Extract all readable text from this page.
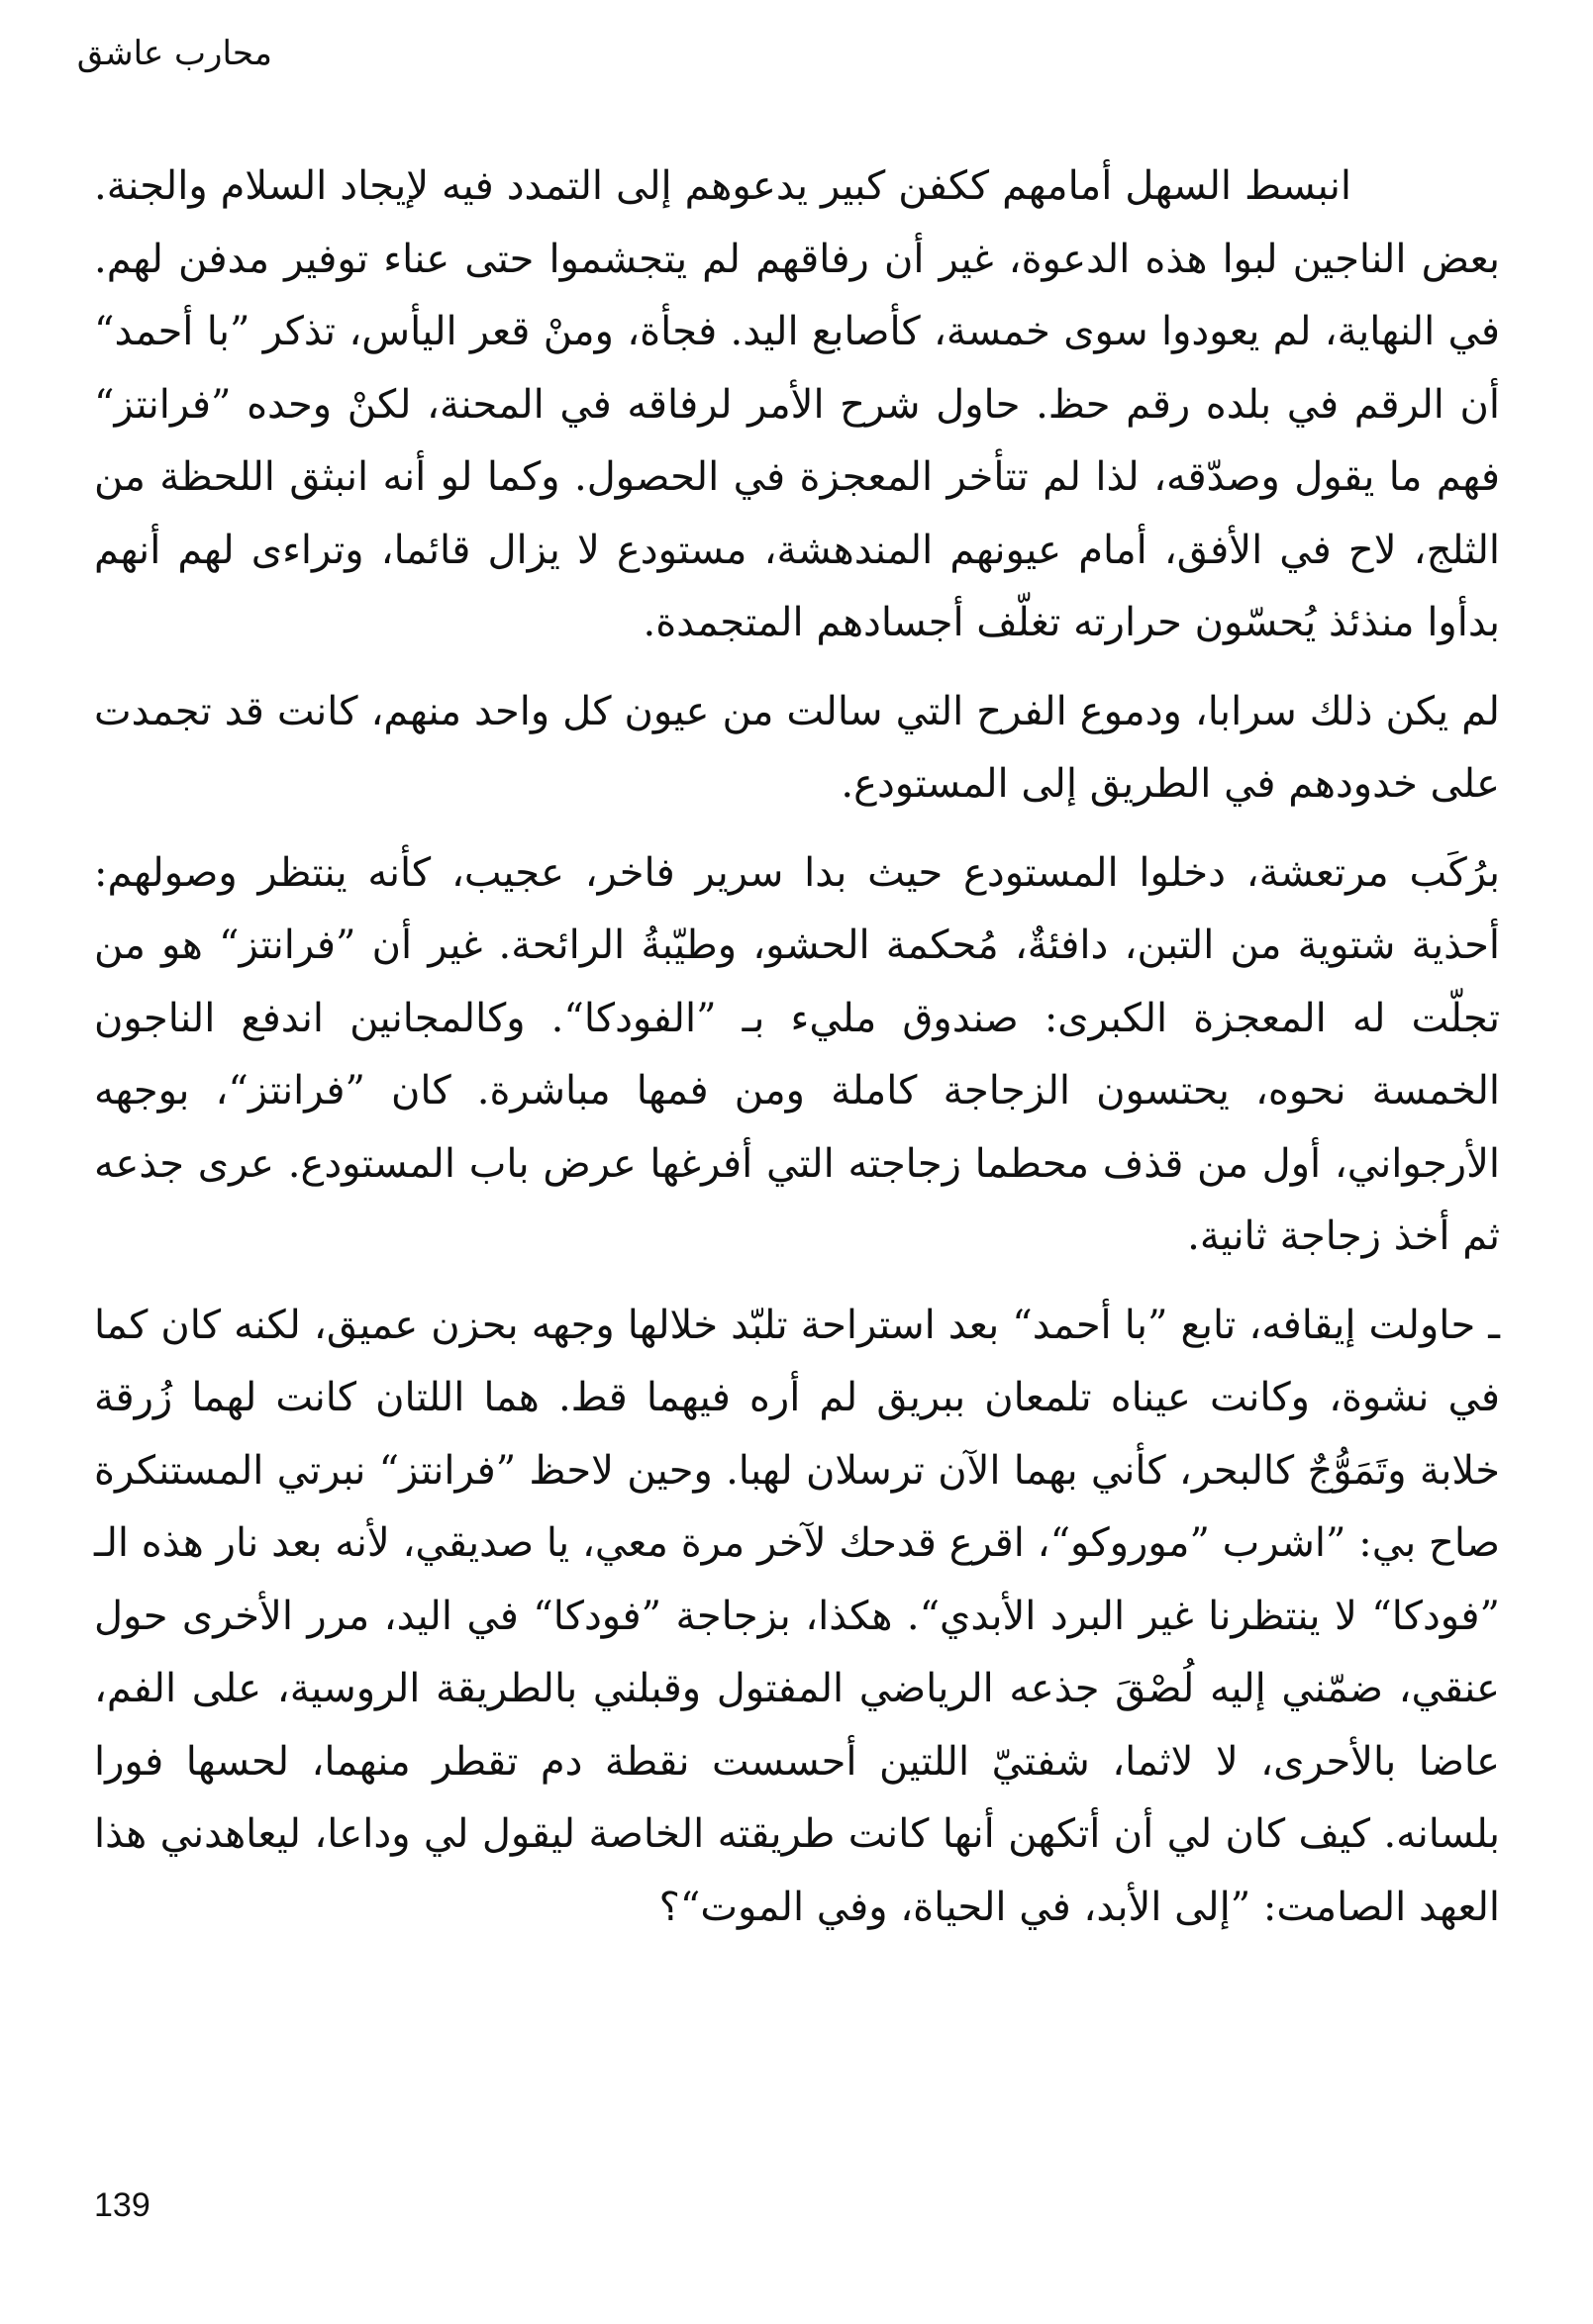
محارب عاشق

انبسط السهل أمامهم ككفن كبير يدعوهم إلى التمدد فيه لإيجاد السلام والجنة. بعض الناجين لبوا هذه الدعوة، غير أن رفاقهم لم يتجشموا حتى عناء توفير مدفن لهم. في النهاية، لم يعودوا سوى خمسة، كأصابع اليد. فجأة، ومنْ قعر اليأس، تذكر ”با أحمد“ أن الرقم في بلده رقم حظ. حاول شرح الأمر لرفاقه في المحنة، لكنْ وحده ”فرانتز“ فهم ما يقول وصدّقه، لذا لم تتأخر المعجزة في الحصول. وكما لو أنه انبثق اللحظة من الثلج، لاح في الأفق، أمام عيونهم المندهشة، مستودع لا يزال قائما، وتراءى لهم أنهم بدأوا منذئذ يُحسّون حرارته تغلّف أجسادهم المتجمدة.

لم يكن ذلك سرابا، ودموع الفرح التي سالت من عيون كل واحد منهم، كانت قد تجمدت على خدودهم في الطريق إلى المستودع.

برُكَب مرتعشة، دخلوا المستودع حيث بدا سرير فاخر، عجيب، كأنه ينتظر وصولهم: أحذية شتوية من التبن، دافئةٌ، مُحكمة الحشو، وطيّبةُ الرائحة. غير أن ”فرانتز“ هو من تجلّت له المعجزة الكبرى: صندوق مليء بـ ”الفودكا“. وكالمجانين اندفع الناجون الخمسة نحوه، يحتسون الزجاجة كاملة ومن فمها مباشرة. كان ”فرانتز“، بوجهه الأرجواني، أول من قذف محطما زجاجته التي أفرغها عرض باب المستودع. عرى جذعه ثم أخذ زجاجة ثانية.

ـ حاولت إيقافه، تابع ”با أحمد“ بعد استراحة تلبّد خلالها وجهه بحزن عميق، لكنه كان كما في نشوة، وكانت عيناه تلمعان ببريق لم أره فيهما قط. هما اللتان كانت لهما زُرقة خلابة وتَمَوُّجٌ كالبحر، كأني بهما الآن ترسلان لهبا. وحين لاحظ ”فرانتز“ نبرتي المستنكرة صاح بي: ”اشرب ”موروكو“، اقرع قدحك لآخر مرة معي، يا صديقي، لأنه بعد نار هذه الـ ”فودكا“ لا ينتظرنا غير البرد الأبدي“. هكذا، بزجاجة ”فودكا“ في اليد، مرر الأخرى حول عنقي، ضمّني إليه لُصْقَ جذعه الرياضي المفتول وقبلني بالطريقة الروسية، على الفم، عاضا بالأحرى، لا لاثما، شفتيّ اللتين أحسست نقطة دم تقطر منهما، لحسها فورا بلسانه. كيف كان لي أن أتكهن أنها كانت طريقته الخاصة ليقول لي وداعا، ليعاهدني هذا العهد الصامت: ”إلى الأبد، في الحياة، وفي الموت“؟

139
